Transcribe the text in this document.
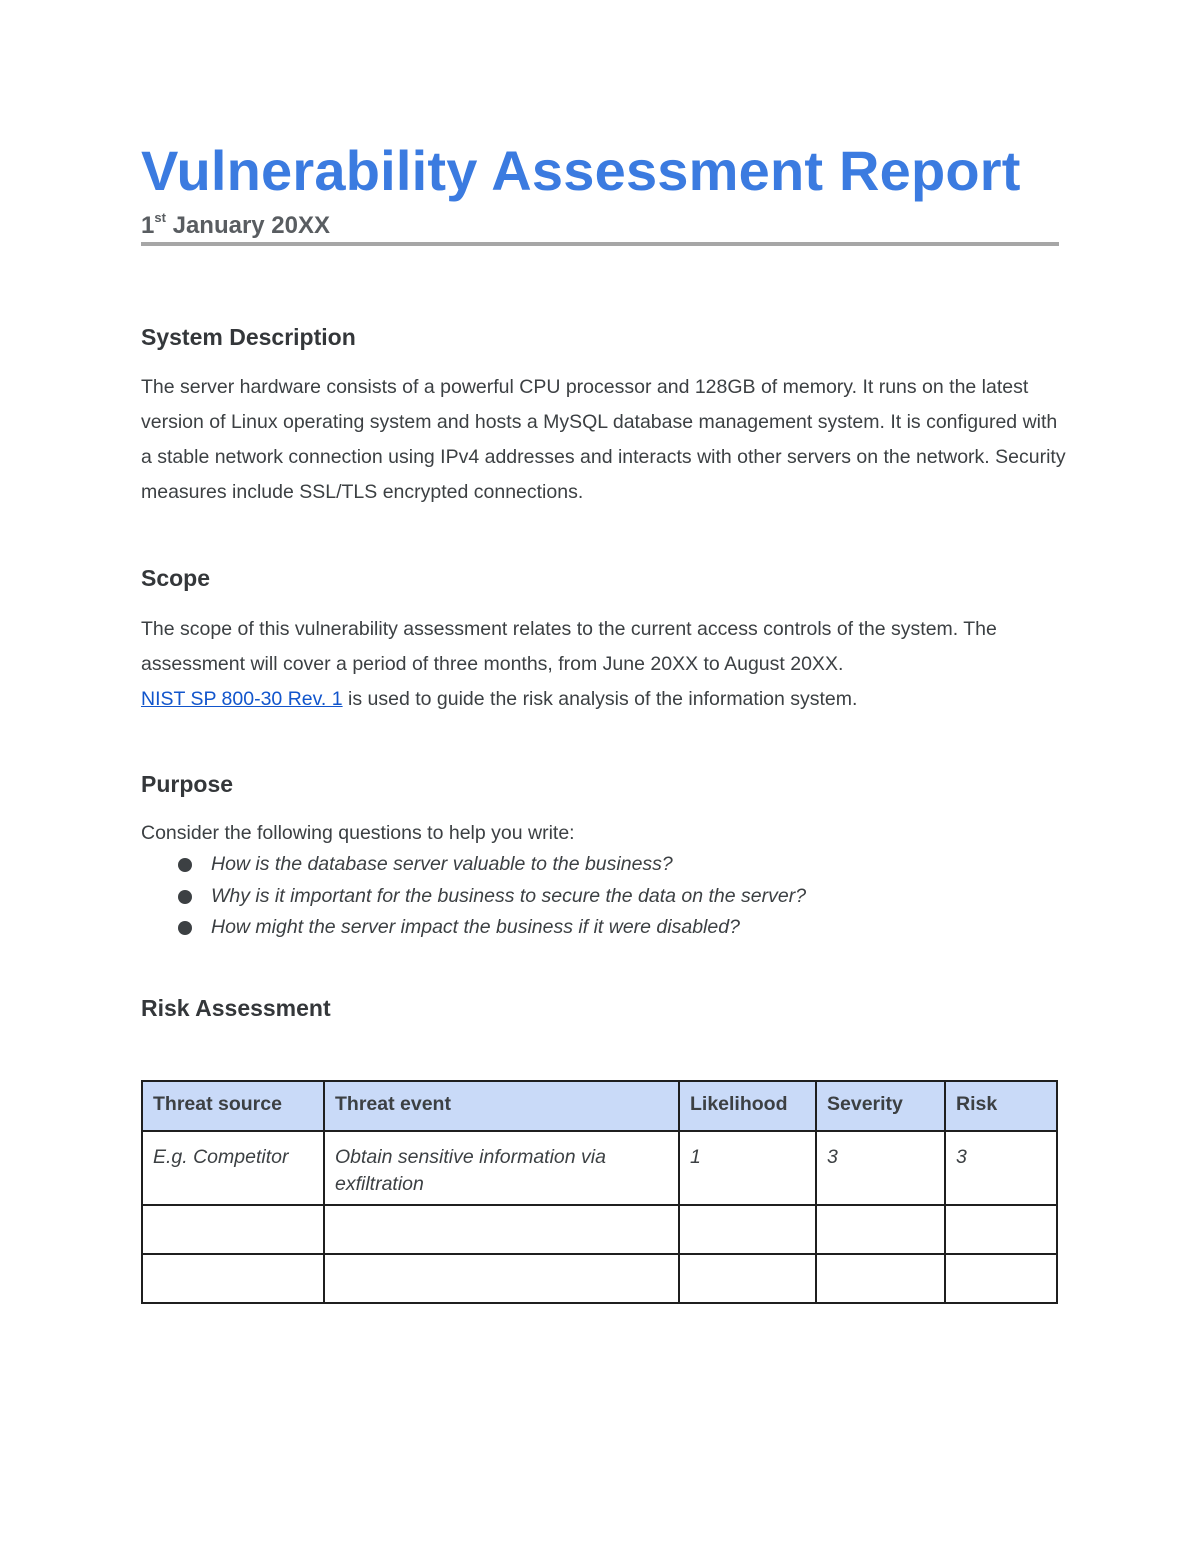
Vulnerability Assessment Report
1st January 20XX
System Description

The server hardware consists of a powerful CPU processor and 128GB of memory. It runs on the latest version of Linux operating system and hosts a MySQL database management system. It is configured with a stable network connection using IPv4 addresses and interacts with other servers on the network. Security measures include SSL/TLS encrypted connections.

Scope

The scope of this vulnerability assessment relates to the current access controls of the system. The assessment will cover a period of three months, from June 20XX to August 20XX.
NIST SP 800-30 Rev. 1 is used to guide the risk analysis of the information system.

Purpose
Consider the following questions to help you write:
How is the database server valuable to the business?
Why is it important for the business to secure the data on the server?
How might the server impact the business if it were disabled?
Risk Assessment
Threat source	Threat event	Likelihood	Severity	Risk
E.g. Competitor	Obtain sensitive information via exfiltration	1	3	3
